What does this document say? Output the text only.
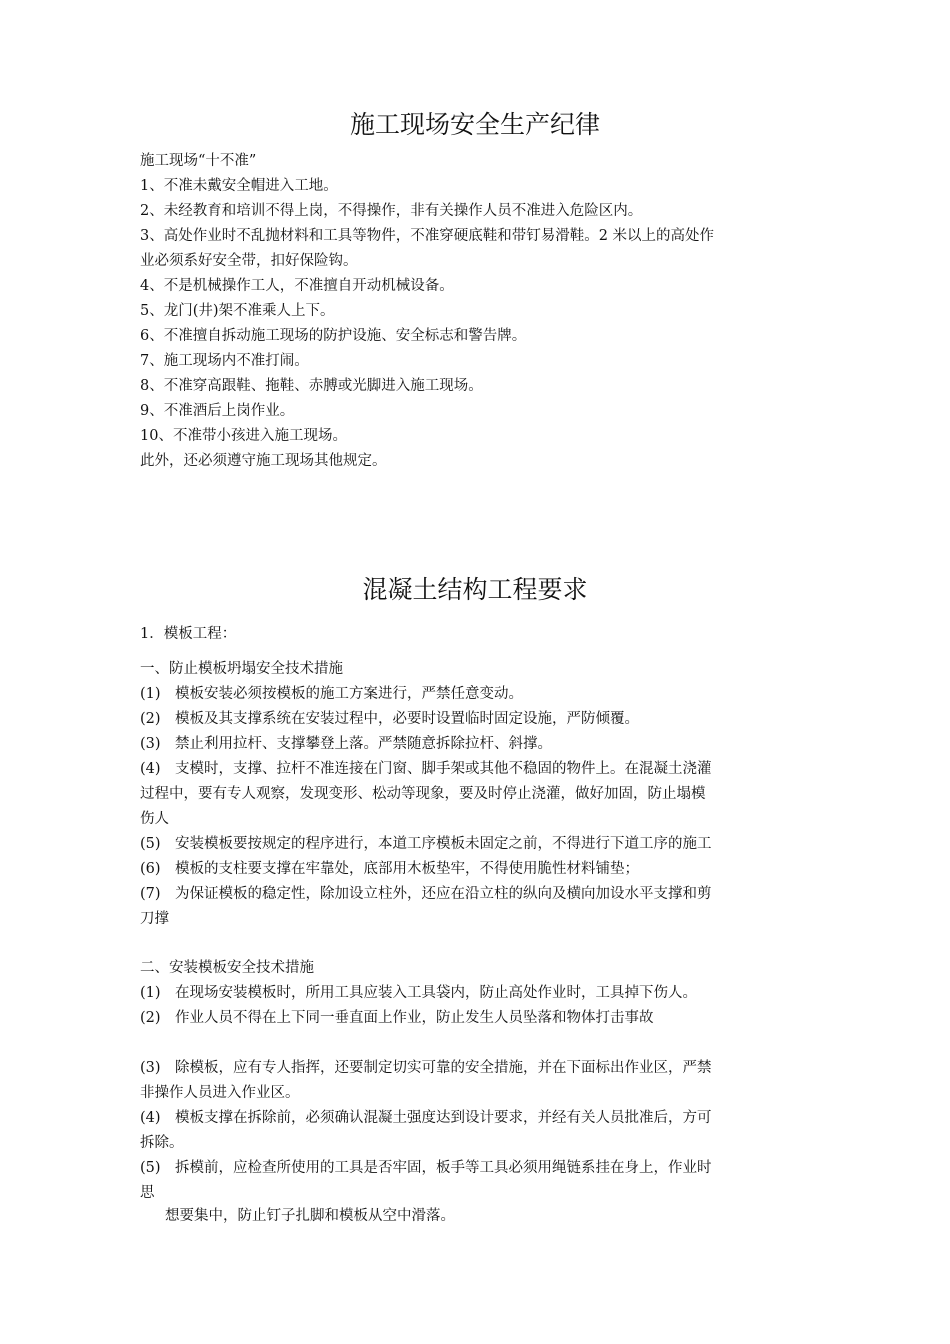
施工现场安全生产纪律

施工现场“十不准”

1、不准未戴安全帽进入工地。

2、未经教育和培训不得上岗，不得操作，非有关操作人员不准进入危险区内。

3、高处作业时不乱抛材料和工具等物件，不准穿硬底鞋和带钉易滑鞋。2 米以上的高处作

业必须系好安全带，扣好保险钩。

4、不是机械操作工人，不准擅自开动机械设备。

5、龙门(井)架不准乘人上下。

6、不准擅自拆动施工现场的防护设施、安全标志和警告牌。

7、施工现场内不准打闹。

8、不准穿高跟鞋、拖鞋、赤膊或光脚进入施工现场。

9、不准酒后上岗作业。

10、不准带小孩进入施工现场。

此外，还必须遵守施工现场其他规定。

混凝土结构工程要求

1．模板工程：

一、防止模板坍塌安全技术措施

(1)　模板安装必须按模板的施工方案进行，严禁任意变动。

(2)　模板及其支撑系统在安装过程中，必要时设置临时固定设施，严防倾覆。

(3)　禁止利用拉杆、支撑攀登上落。严禁随意拆除拉杆、斜撑。

(4)　支模时，支撑、拉杆不准连接在门窗、脚手架或其他不稳固的物件上。在混凝土浇灌

过程中，要有专人观察，发现变形、松动等现象，要及时停止浇灌，做好加固，防止塌模

伤人

(5)　安装模板要按规定的程序进行，本道工序模板未固定之前，不得进行下道工序的施工

(6)　模板的支柱要支撑在牢靠处，底部用木板垫牢，不得使用脆性材料铺垫；

(7)　为保证模板的稳定性，除加设立柱外，还应在沿立柱的纵向及横向加设水平支撑和剪

刀撑

二、安装模板安全技术措施

(1)　在现场安装模板时，所用工具应装入工具袋内，防止高处作业时，工具掉下伤人。

(2)　作业人员不得在上下同一垂直面上作业，防止发生人员坠落和物体打击事故

(3)　除模板，应有专人指挥，还要制定切实可靠的安全措施，并在下面标出作业区，严禁

非操作人员进入作业区。

(4)　模板支撑在拆除前，必须确认混凝土强度达到设计要求，并经有关人员批准后，方可

拆除。

(5)　拆模前，应检查所使用的工具是否牢固，板手等工具必须用绳链系挂在身上，作业时

思

想要集中，防止钉子扎脚和模板从空中滑落。
